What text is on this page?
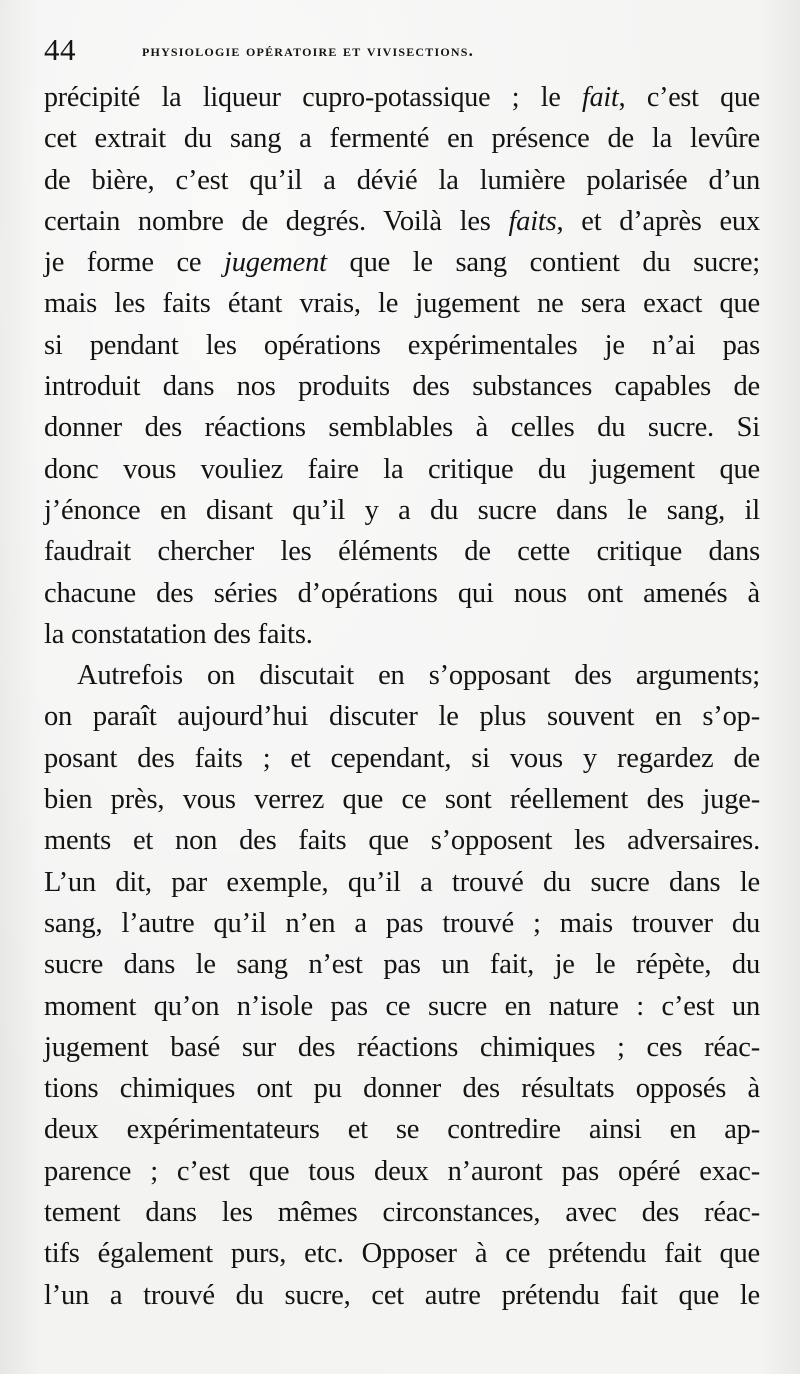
44	physiologie opératoire et vivisections.
précipité la liqueur cupro-potassique ; le fait, c’est que
cet extrait du sang a fermenté en présence de la levûre
de bière, c’est qu’il a dévié la lumière polarisée d’un
certain nombre de degrés. Voilà les faits, et d’après eux
je forme ce jugement que le sang contient du sucre;
mais les faits étant vrais, le jugement ne sera exact que
si pendant les opérations expérimentales je n’ai pas
introduit dans nos produits des substances capables de
donner des réactions semblables à celles du sucre. Si
donc vous vouliez faire la critique du jugement que
j’énonce en disant qu’il y a du sucre dans le sang, il
faudrait chercher les éléments de cette critique dans
chacune des séries d’opérations qui nous ont amenés à
la constatation des faits.
Autrefois on discutait en s’opposant des arguments;
on paraît aujourd’hui discuter le plus souvent en s’op-
posant des faits ; et cependant, si vous y regardez de
bien près, vous verrez que ce sont réellement des juge-
ments et non des faits que s’opposent les adversaires.
L’un dit, par exemple, qu’il a trouvé du sucre dans le
sang, l’autre qu’il n’en a pas trouvé ; mais trouver du
sucre dans le sang n’est pas un fait, je le répète, du
moment qu’on n’isole pas ce sucre en nature : c’est un
jugement basé sur des réactions chimiques ; ces réac-
tions chimiques ont pu donner des résultats opposés à
deux expérimentateurs et se contredire ainsi en ap-
parence ; c’est que tous deux n’auront pas opéré exac-
tement dans les mêmes circonstances, avec des réac-
tifs également purs, etc. Opposer à ce prétendu fait que
l’un a trouvé du sucre, cet autre prétendu fait que le
